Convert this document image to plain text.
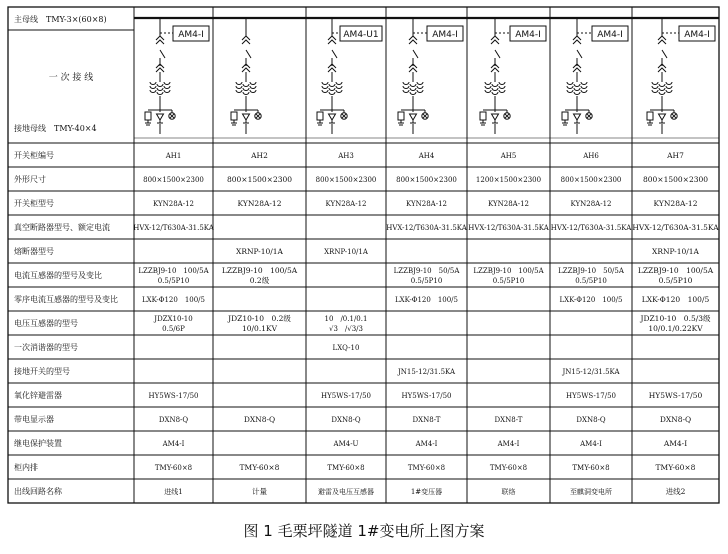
主母线　TMY-3×(60×8)
一 次 接 线
接地母线　TMY-40×4
开关柜编号
外形尺寸
开关柜型号
真空断路器型号、额定电流
熔断器型号
电流互感器的型号及变比
零序电流互感器的型号及变比
电压互感器的型号
一次消谐器的型号
接地开关的型号
氧化锌避雷器
带电显示器
继电保护装置
柜内排
出线回路名称
AM4-I
AH1
800×1500×2300
KYN28A-12
HVX-12/T630A-31.5KA
LZZBJ9-10　100/5A
0.5/5P10
LXK-Φ120　100/5
JDZX10-10
0.5/6P
HY5WS-17/50
DXN8-Q
AM4-I
TMY-60×8
进线1
AH2
800×1500×2300
KYN28A-12
XRNP-10/1A
LZZBJ9-10　100/5A
0.2级
JDZ10-10　0.2级
10/0.1KV
DXN8-Q
TMY-60×8
计量
AM4-U1
AH3
800×1500×2300
KYN28A-12
XRNP-10/1A
10　/0.1/0.1
√3　/√3/3
LXQ-10
HY5WS-17/50
DXN8-Q
AM4-U
TMY-60×8
避雷及电压互感器
AM4-I
AH4
800×1500×2300
KYN28A-12
HVX-12/T630A-31.5KA
LZZBJ9-10　50/5A
0.5/5P10
LXK-Φ120　100/5
JN15-12/31.5KA
HY5WS-17/50
DXN8-T
AM4-I
TMY-60×8
1#变压器
AM4-I
AH5
1200×1500×2300
KYN28A-12
HVX-12/T630A-31.5KA
LZZBJ9-10　100/5A
0.5/5P10
DXN8-T
AM4-I
TMY-60×8
联络
AM4-I
AH6
800×1500×2300
KYN28A-12
HVX-12/T630A-31.5KA
LZZBJ9-10　50/5A
0.5/5P10
LXK-Φ120　100/5
JN15-12/31.5KA
HY5WS-17/50
DXN8-Q
AM4-I
TMY-60×8
至麒洞变电所
AM4-I
AH7
800×1500×2300
KYN28A-12
HVX-12/T630A-31.5KA
XRNP-10/1A
LZZBJ9-10　100/5A
0.5/5P10
LXK-Φ120　100/5
JDZ10-10　0.5/3级
10/0.1/0.22KV
HY5WS-17/50
DXN8-Q
AM4-I
TMY-60×8
进线2
图 1 毛栗坪隧道 1#变电所上图方案
